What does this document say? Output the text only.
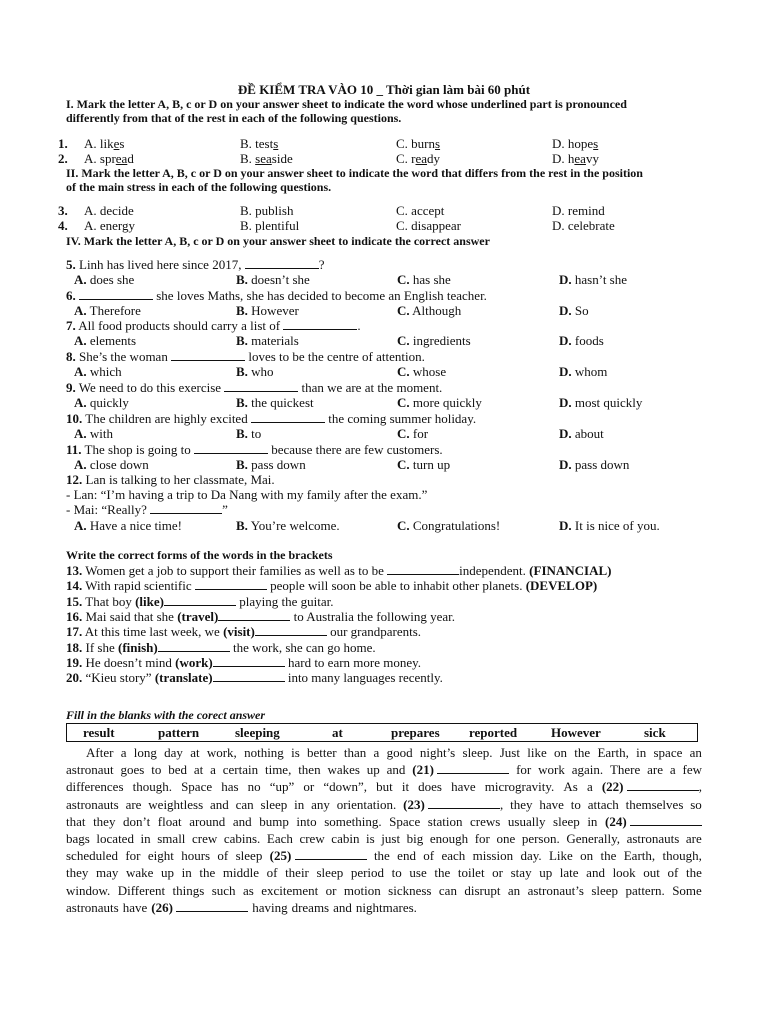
ĐỀ KIỂM TRA VÀO 10 _ Thời gian làm bài 60 phút
I. Mark the letter A, B, c or D on your answer sheet to indicate the word whose underlined part is pronounced
differently from that of the rest in each of the following questions.
1. A. likes	B. tests	C. burns	D. hopes
2. A. spread	B. seaside	C. ready	D. heavy
II. Mark the letter A, B, c or D on your answer sheet to indicate the word that differs from the rest in the position
of the main stress in each of the following questions.
3. A. decide	B. publish	C. accept	D. remind
4. A. energy	B. plentiful	C. disappear	D. celebrate
IV. Mark the letter A, B, c or D on your answer sheet to indicate the correct answer
5. Linh has lived here since 2017,	?
A. does she	B. doesn’t she	C. has she	D. hasn’t she
6.	she loves Maths, she has decided to become an English teacher.
A. Therefore	B. However	C. Although	D. So
7. All food products should carry a list of	.
A. elements	B. materials	C. ingredients	D. foods
8. She’s the woman	loves to be the centre of attention.
A. which	B. who	C. whose	D. whom
9. We need to do this exercise	than we are at the moment.
A. quickly	B. the quickest	C. more quickly	D. most quickly
10. The children are highly excited	the coming summer holiday.
A. with	B. to	C. for	D. about
11. The shop is going to	because there are few customers.
A. close down	B. pass down	C. turn up	D. pass down
12. Lan is talking to her classmate, Mai.
- Lan: “I’m having a trip to Da Nang with my family after the exam.”
- Mai: “Really?	”
A. Have a nice time!	B. You’re welcome.	C. Congratulations!	D. It is nice of you.
Write the correct forms of the words in the brackets
13. Women get a job to support their families as well as to be	independent. (FINANCIAL)
14. With rapid scientific	people will soon be able to inhabit other planets. (DEVELOP)
15. That boy (like)	playing the guitar.
16. Mai said that she (travel)	to Australia the following year.
17. At this time last week, we (visit)	our grandparents.
18. If she (finish)	the work, she can go home.
19. He doesn’t mind (work)	hard to earn more money.
20. “Kieu story” (translate)	into many languages recently.
Fill in the blanks with the corect answer
result	pattern	sleeping	at	prepares reported	However	sick
After a long day at work, nothing is better than a good night’s sleep. Just like on the Earth, in space an
astronaut goes to bed at a certain time, then wakes up and (21)	for work again. There are a few
differences though. Space has no “up” or “down”, but it does have microgravity. As a (22)	,
astronauts are weightless and can sleep in any orientation. (23)	, they have to attach themselves so
that they don’t float around and bump into something. Space station crews usually sleep in (24)
bags located in small crew cabins. Each crew cabin is just big enough for one person. Generally, astronauts are
scheduled for eight hours of sleep (25)	the end of each mission day. Like on the Earth, though,
they may wake up in the middle of their sleep period to use the toilet or stay up late and look out of the
window. Different things such as excitement or motion sickness can disrupt an astronaut’s sleep pattern. Some
astronauts have (26)	having dreams and nightmares.
